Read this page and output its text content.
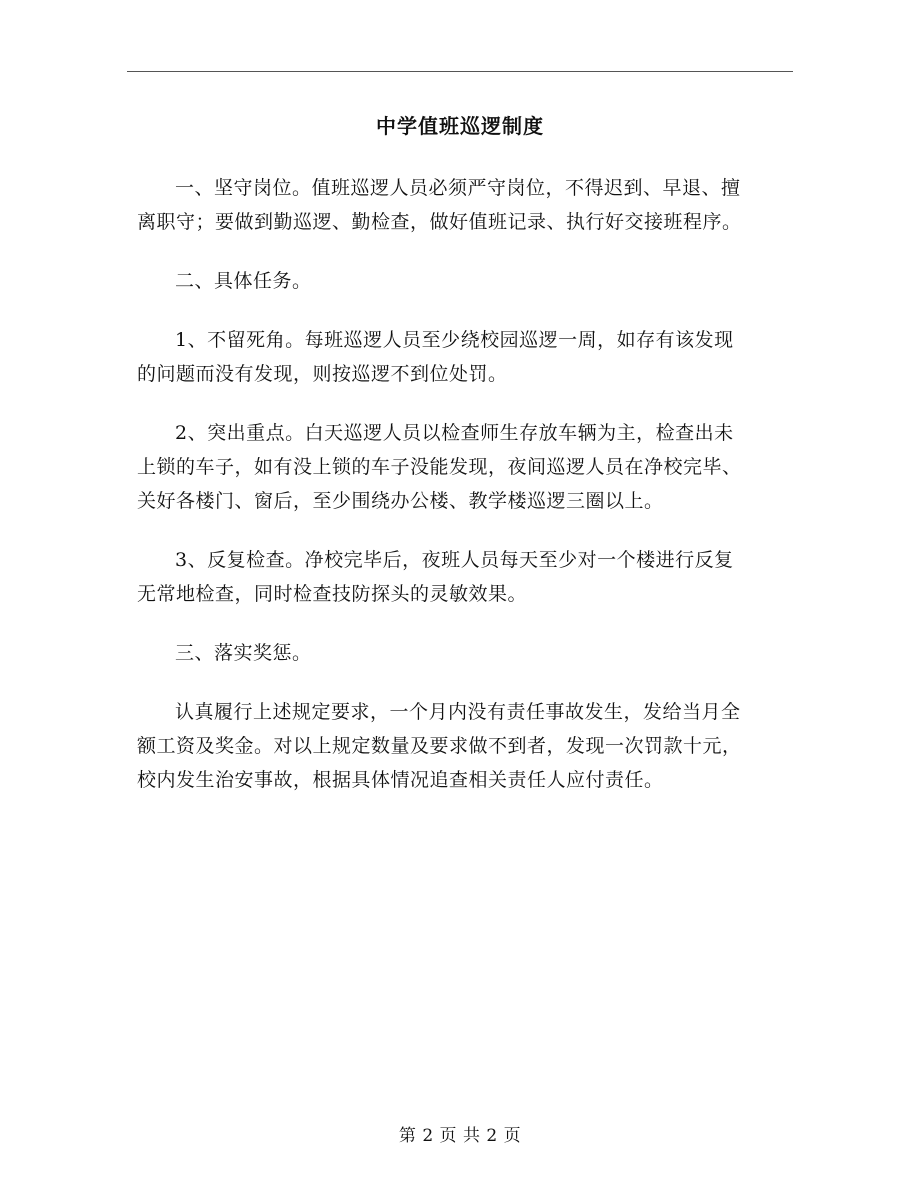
中学值班巡逻制度

一、坚守岗位。值班巡逻人员必须严守岗位，不得迟到、早退、擅
离职守；要做到勤巡逻、勤检查，做好值班记录、执行好交接班程序。

二、具体任务。

1、不留死角。每班巡逻人员至少绕校园巡逻一周，如存有该发现
的问题而没有发现，则按巡逻不到位处罚。

2、突出重点。白天巡逻人员以检查师生存放车辆为主，检查出未
上锁的车子，如有没上锁的车子没能发现，夜间巡逻人员在净校完毕、
关好各楼门、窗后，至少围绕办公楼、教学楼巡逻三圈以上。

3、反复检查。净校完毕后，夜班人员每天至少对一个楼进行反复
无常地检查，同时检查技防探头的灵敏效果。

三、落实奖惩。

认真履行上述规定要求，一个月内没有责任事故发生，发给当月全
额工资及奖金。对以上规定数量及要求做不到者，发现一次罚款十元，
校内发生治安事故，根据具体情况追查相关责任人应付责任。

第 2 页 共 2 页
